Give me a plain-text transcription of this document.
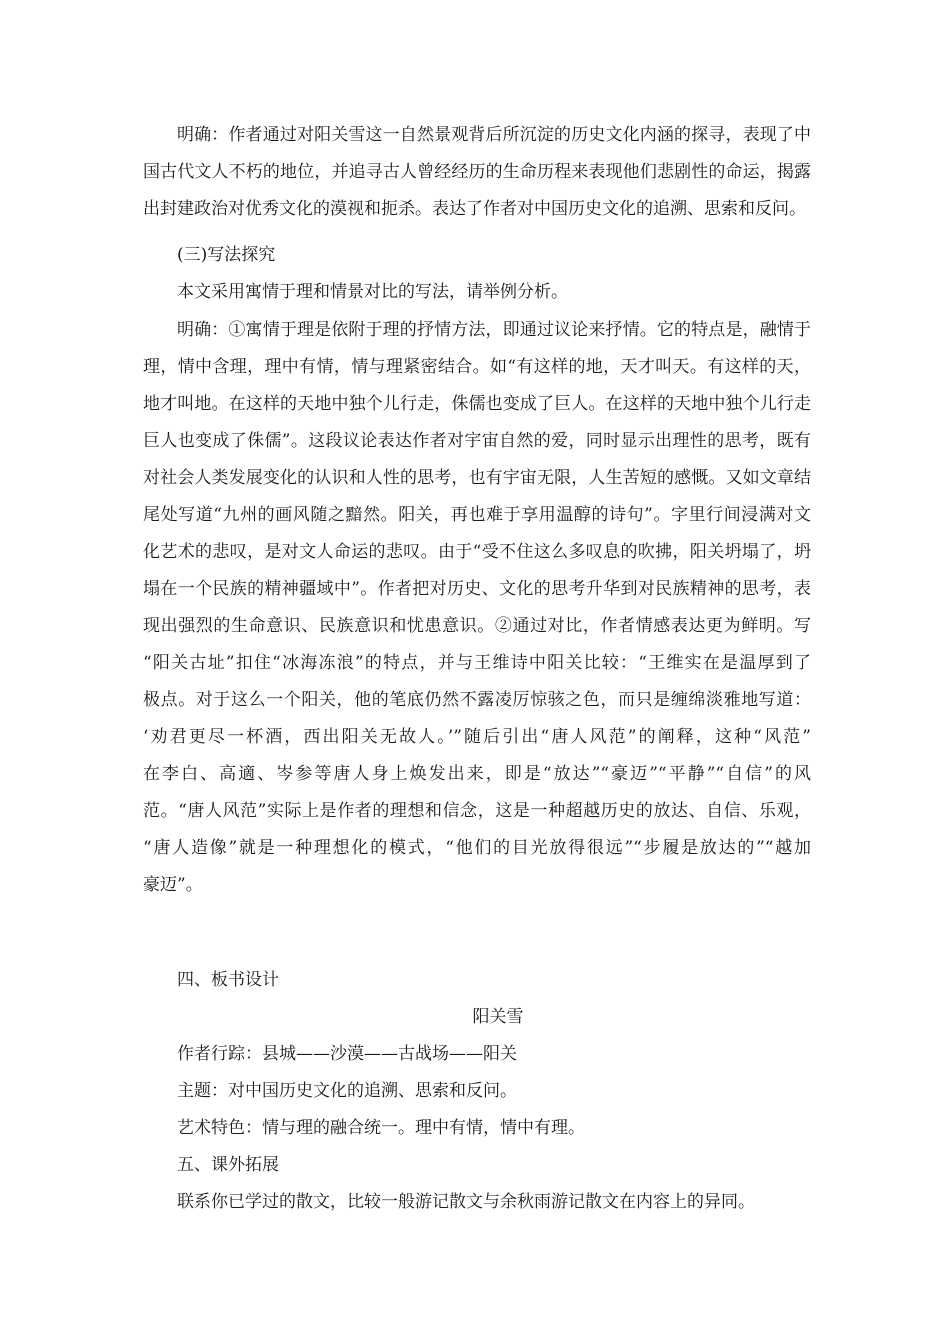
明确：作者通过对阳关雪这一自然景观背后所沉淀的历史文化内涵的探寻，表现了中
国古代文人不朽的地位，并追寻古人曾经经历的生命历程来表现他们悲剧性的命运，揭露
出封建政治对优秀文化的漠视和扼杀。表达了作者对中国历史文化的追溯、思索和反问。
(三)写法探究
本文采用寓情于理和情景对比的写法，请举例分析。
明确：①寓情于理是依附于理的抒情方法，即通过议论来抒情。它的特点是，融情于
理，情中含理，理中有情，情与理紧密结合。如“有这样的地，天才叫天。有这样的天，
地才叫地。在这样的天地中独个儿行走，侏儒也变成了巨人。在这样的天地中独个儿行走
巨人也变成了侏儒”。这段议论表达作者对宇宙自然的爱，同时显示出理性的思考，既有
对社会人类发展变化的认识和人性的思考，也有宇宙无限，人生苦短的感慨。又如文章结
尾处写道“九州的画风随之黯然。阳关，再也难于享用温醇的诗句”。字里行间浸满对文
化艺术的悲叹，是对文人命运的悲叹。由于“受不住这么多叹息的吹拂，阳关坍塌了，坍
塌在一个民族的精神疆域中”。作者把对历史、文化的思考升华到对民族精神的思考，表
现出强烈的生命意识、民族意识和忧患意识。②通过对比，作者情感表达更为鲜明。写
“阳关古址”扣住“冰海冻浪”的特点，并与王维诗中阳关比较：“王维实在是温厚到了
极点。对于这么一个阳关，他的笔底仍然不露凌厉惊骇之色，而只是缠绵淡雅地写道：
‘劝君更尽一杯酒，西出阳关无故人。’”随后引出“唐人风范”的阐释，这种“风范”
在李白、高適、岑参等唐人身上焕发出来，即是“放达”“豪迈”“平静”“自信”的风
范。“唐人风范”实际上是作者的理想和信念，这是一种超越历史的放达、自信、乐观，
“唐人造像”就是一种理想化的模式，“他们的目光放得很远”“步履是放达的”“越加
豪迈”。
四、板书设计
阳关雪
作者行踪：县城——沙漠——古战场——阳关
主题：对中国历史文化的追溯、思索和反问。
艺术特色：情与理的融合统一。理中有情，情中有理。
五、课外拓展
联系你已学过的散文，比较一般游记散文与余秋雨游记散文在内容上的异同。
